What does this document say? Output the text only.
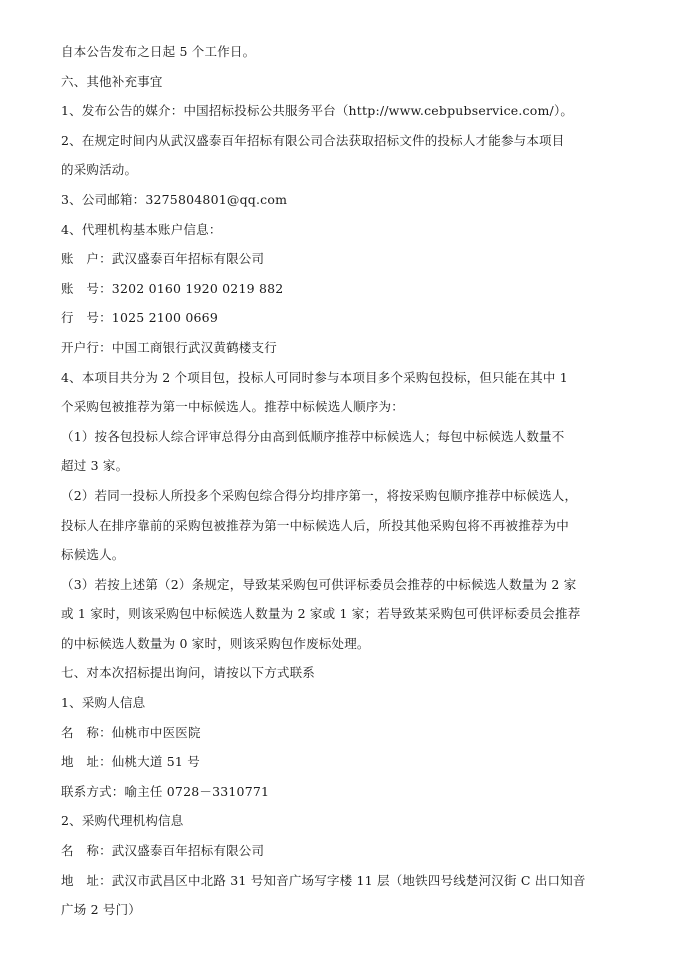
自本公告发布之日起 5 个工作日。
六、其他补充事宜
1、发布公告的媒介：中国招标投标公共服务平台（http://www.cebpubservice.com/）。
2、在规定时间内从武汉盛泰百年招标有限公司合法获取招标文件的投标人才能参与本项目
的采购活动。
3、公司邮箱：3275804801@qq.com
4、代理机构基本账户信息：
账　户：武汉盛泰百年招标有限公司
账　号：3202 0160 1920 0219 882
行　号：1025 2100 0669
开户行：中国工商银行武汉黄鹤楼支行
4、本项目共分为 2 个项目包，投标人可同时参与本项目多个采购包投标，但只能在其中 1
个采购包被推荐为第一中标候选人。推荐中标候选人顺序为：
（1）按各包投标人综合评审总得分由高到低顺序推荐中标候选人；每包中标候选人数量不
超过 3 家。
（2）若同一投标人所投多个采购包综合得分均排序第一，将按采购包顺序推荐中标候选人，
投标人在排序靠前的采购包被推荐为第一中标候选人后，所投其他采购包将不再被推荐为中
标候选人。
（3）若按上述第（2）条规定，导致某采购包可供评标委员会推荐的中标候选人数量为 2 家
或 1 家时，则该采购包中标候选人数量为 2 家或 1 家；若导致某采购包可供评标委员会推荐
的中标候选人数量为 0 家时，则该采购包作废标处理。
七、对本次招标提出询问，请按以下方式联系
1、采购人信息
名　称：仙桃市中医医院
地　址：仙桃大道 51 号
联系方式：喻主任 0728－3310771
2、采购代理机构信息
名　称：武汉盛泰百年招标有限公司
地　址：武汉市武昌区中北路 31 号知音广场写字楼 11 层（地铁四号线楚河汉街 C 出口知音
广场 2 号门）
